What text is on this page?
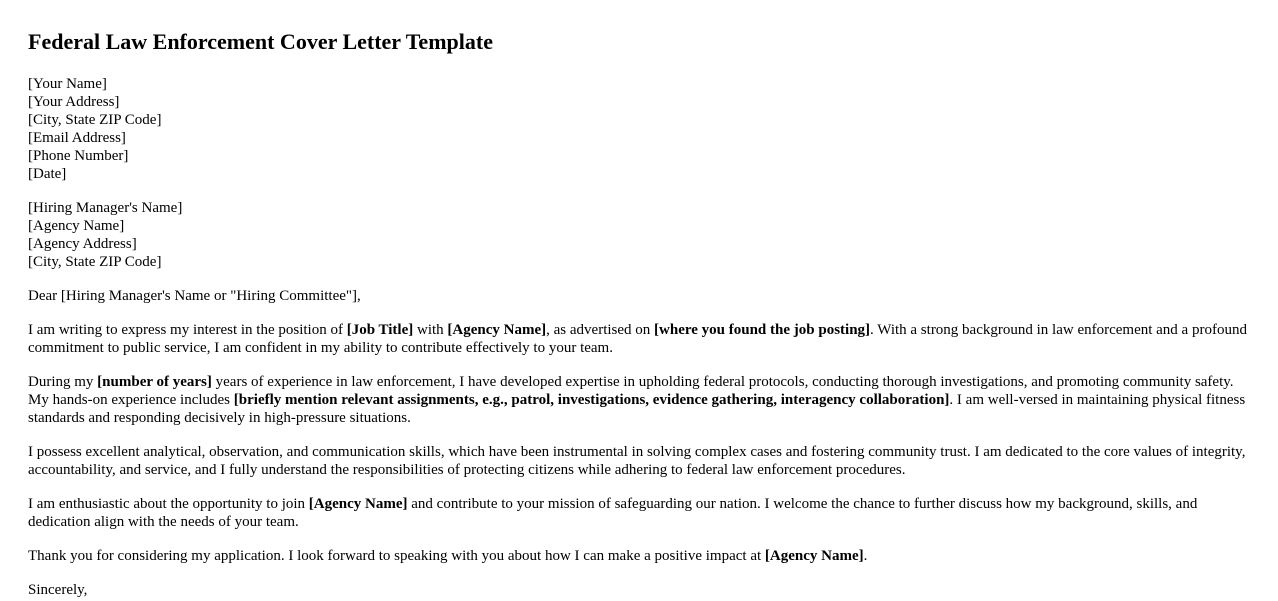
Federal Law Enforcement Cover Letter Template
[Your Name]
[Your Address]
[City, State ZIP Code]
[Email Address]
[Phone Number]
[Date]
[Hiring Manager's Name]
[Agency Name]
[Agency Address]
[City, State ZIP Code]

Dear [Hiring Manager's Name or "Hiring Committee"],

I am writing to express my interest in the position of [Job Title] with [Agency Name], as advertised on [where you found the job posting]. With a strong background in law enforcement and a profound commitment to public service, I am confident in my ability to contribute effectively to your team.

During my [number of years] years of experience in law enforcement, I have developed expertise in upholding federal protocols, conducting thorough investigations, and promoting community safety. My hands-on experience includes [briefly mention relevant assignments, e.g., patrol, investigations, evidence gathering, interagency collaboration]. I am well-versed in maintaining physical fitness standards and responding decisively in high-pressure situations.

I possess excellent analytical, observation, and communication skills, which have been instrumental in solving complex cases and fostering community trust. I am dedicated to the core values of integrity, accountability, and service, and I fully understand the responsibilities of protecting citizens while adhering to federal law enforcement procedures.

I am enthusiastic about the opportunity to join [Agency Name] and contribute to your mission of safeguarding our nation. I welcome the chance to further discuss how my background, skills, and dedication align with the needs of your team.

Thank you for considering my application. I look forward to speaking with you about how I can make a positive impact at [Agency Name].

Sincerely,
